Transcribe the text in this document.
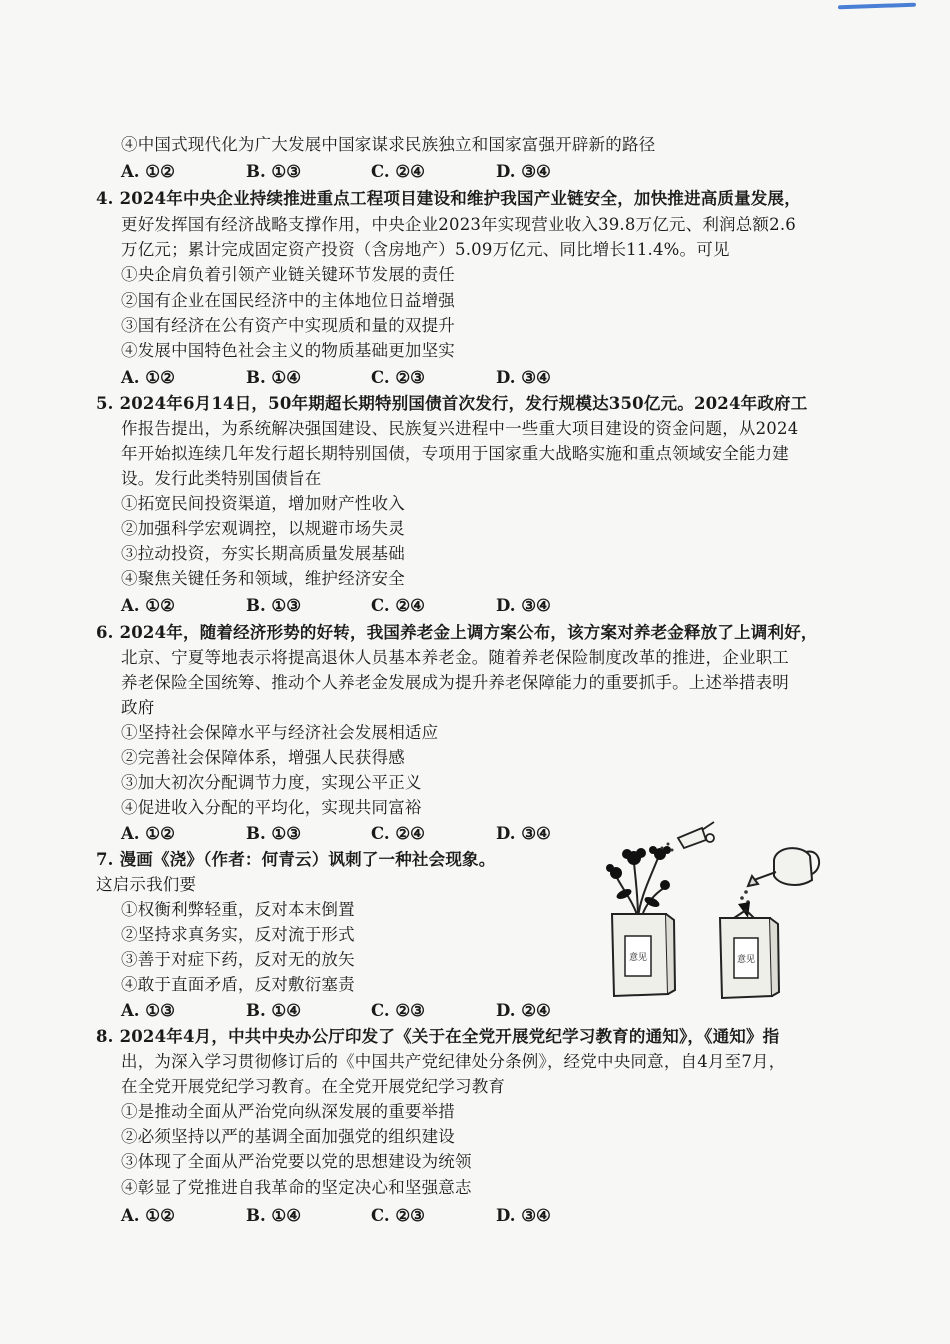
④中国式现代化为广大发展中国家谋求民族独立和国家富强开辟新的路径
A. ①②	B. ①③	C. ②④	D. ③④
4. 2024年中央企业持续推进重点工程项目建设和维护我国产业链安全，加快推进高质量发展，
更好发挥国有经济战略支撑作用，中央企业2023年实现营业收入39.8万亿元、利润总额2.6
万亿元；累计完成固定资产投资（含房地产）5.09万亿元、同比增长11.4%。可见
①央企肩负着引领产业链关键环节发展的责任
②国有企业在国民经济中的主体地位日益增强
③国有经济在公有资产中实现质和量的双提升
④发展中国特色社会主义的物质基础更加坚实
A. ①②	B. ①④	C. ②③	D. ③④
5. 2024年6月14日，50年期超长期特别国债首次发行，发行规模达350亿元。2024年政府工
作报告提出，为系统解决强国建设、民族复兴进程中一些重大项目建设的资金问题，从2024
年开始拟连续几年发行超长期特别国债，专项用于国家重大战略实施和重点领域安全能力建
设。发行此类特别国债旨在
①拓宽民间投资渠道，增加财产性收入
②加强科学宏观调控，以规避市场失灵
③拉动投资，夯实长期高质量发展基础
④聚焦关键任务和领域，维护经济安全
A. ①②	B. ①③	C. ②④	D. ③④
6. 2024年，随着经济形势的好转，我国养老金上调方案公布，该方案对养老金释放了上调利好，
北京、宁夏等地表示将提高退休人员基本养老金。随着养老保险制度改革的推进，企业职工
养老保险全国统筹、推动个人养老金发展成为提升养老保障能力的重要抓手。上述举措表明
政府
①坚持社会保障水平与经济社会发展相适应
②完善社会保障体系，增强人民获得感
③加大初次分配调节力度，实现公平正义
④促进收入分配的平均化，实现共同富裕
A. ①②	B. ①③	C. ②④	D. ③④
7. 漫画《浇》（作者：何青云）讽刺了一种社会现象。
这启示我们要
①权衡利弊轻重，反对本末倒置
②坚持求真务实，反对流于形式
③善于对症下药，反对无的放矢
④敢于直面矛盾，反对敷衍塞责
A. ①③	B. ①④	C. ②③	D. ②④
意见	意见
8. 2024年4月，中共中央办公厅印发了《关于在全党开展党纪学习教育的通知》，《通知》指
出，为深入学习贯彻修订后的《中国共产党纪律处分条例》，经党中央同意，自4月至7月，
在全党开展党纪学习教育。在全党开展党纪学习教育
①是推动全面从严治党向纵深发展的重要举措
②必须坚持以严的基调全面加强党的组织建设
③体现了全面从严治党要以党的思想建设为统领
④彰显了党推进自我革命的坚定决心和坚强意志
A. ①②	B. ①④	C. ②③	D. ③④
